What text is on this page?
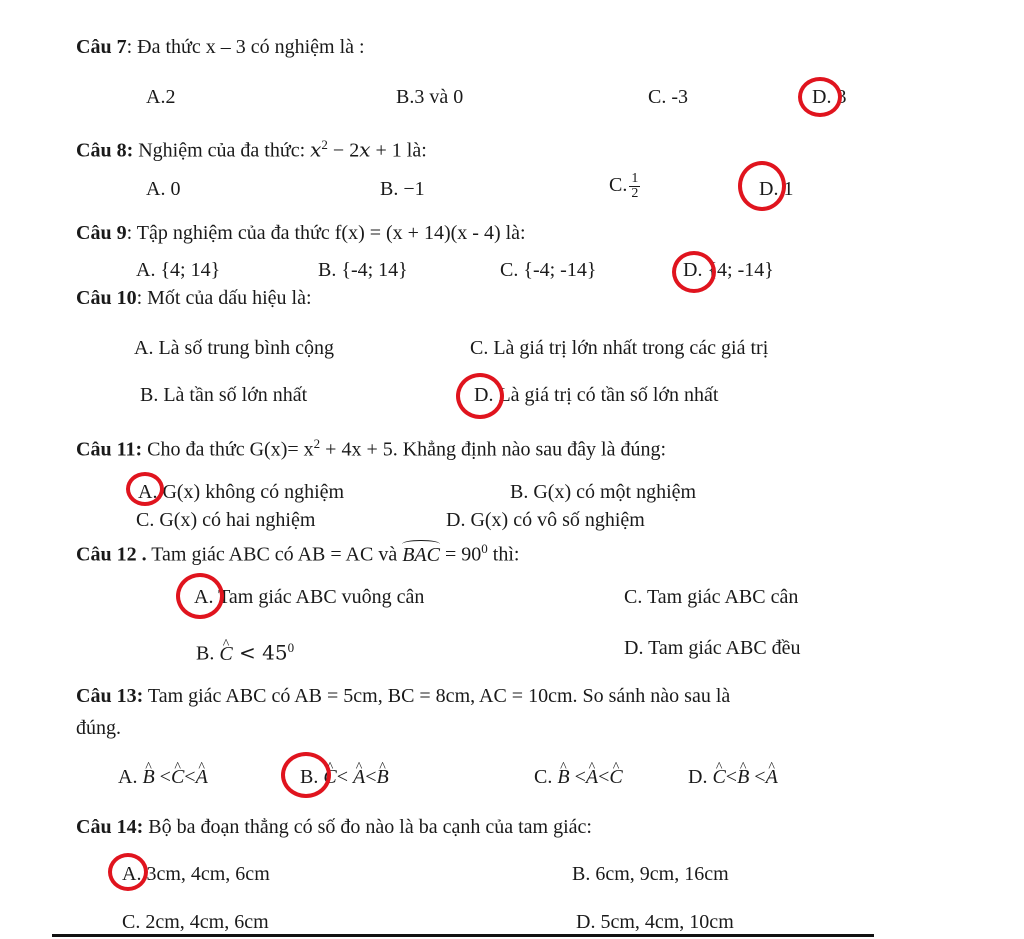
Câu 7: Đa thức x – 3 có nghiệm là :
A.2	B.3 và 0	C. -3	D. 3
Câu 8: Nghiệm của đa thức: $x^2 - 2x + 1$ là:
A. 0	B. −1	C. $\frac{1}{2}$	D. 1
Câu 9: Tập nghiệm của đa thức f(x) = (x + 14)(x - 4) là:
A. {4; 14}	B. {-4; 14}	C. {-4; -14}	D. {4; -14}
Câu 10: Mốt của dấu hiệu là:
A. Là số trung bình cộng	C. Là giá trị lớn nhất trong các giá trị
B. Là tần số lớn nhất	D. Là giá trị có tần số lớn nhất
Câu 11: Cho đa thức $G(x)= x^2 + 4x + 5$. Khẳng định nào sau đây là đúng:
A. G(x) không có nghiệm	B. G(x) có một nghiệm
C. G(x) có hai nghiệm	D. G(x) có vô số nghiệm
Câu 12 . Tam giác ABC có AB = AC và BAC = $90^0$ thì:
A. Tam giác ABC vuông cân	C. Tam giác ABC cân
B. ^ $C < 45^0$	D. Tam giác ABC đều
Câu 13: Tam giác ABC có AB = 5cm, BC = 8cm, AC = 10cm. So sánh nào sau là
đúng.
A. ^ B <^ C<^ A	B. ^ C< ^ A<^ B	C. ^ B <^ A<^ C	D. ^ C<^ B <^ A
Câu 14: Bộ ba đoạn thẳng có số đo nào là ba cạnh của tam giác:
A. 3cm, 4cm, 6cm	B. 6cm, 9cm, 16cm
C. 2cm, 4cm, 6cm	D. 5cm, 4cm, 10cm
